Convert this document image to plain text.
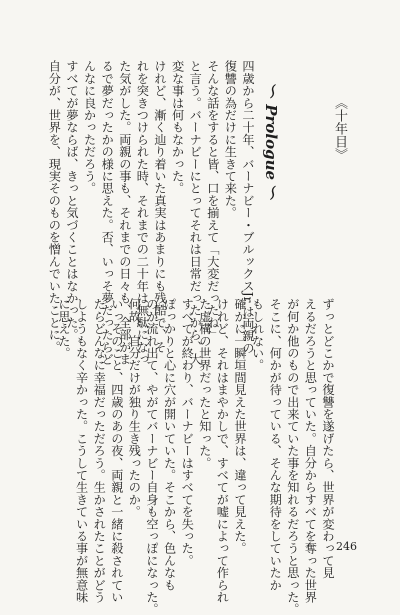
《十年目》
～ Prologue ～
四歳から二十年、バーナビー・ブルックスJr.は両親の
復讐の為だけに生きて来た。
そんな話をすると皆、口を揃えて「大変だったね」
と言う。バーナビーにとってそれは日常だったから、大
変な事は何もなかった。
けれど、漸く辿り着いた真実はあまりにも残酷で、そ
れを突きつけられた時、それまでの二十年は無駄になっ
た気がした。両親の事も、それまでの日々も、全部がま
るで夢だったかの様に思えた。否、いっそ夢だったらど
んなに良かっただろう。
すべてが夢ならば、きっと気づくことはなかった。
自分が、世界を、現実そのものを憎んでいたことに。
ずっとどこかで復讐を遂げたら、世界が変わって見
えるだろうと思っていた。自分からすべてを奪った世界
が何か他のもので出来ていた事を知れるだろうと思った。
そこに、何かが待っている、そんな期待をしていたか
もしれない。
確かに一瞬垣間見えた世界は、違って見えた。
けれど、それはまやかしで、すべてが嘘によって作られ
た虚構の世界だったと知った。
すべてが終わり、バーナビーはすべてを失った。
ぽっかりと心に穴が開いていた。そこから、色んなも
のが流れ出て、やがてバーナビー自身も空っぽになった。
何故、自分だけが独り生き残ったのか。
いっそのこと、四歳のあの夜、両親と一緒に殺されてい
たらどんなに幸福だっただろう。生かされたことがどう
しようもなく辛かった。こうして生きている事が無意味
に思えた。
246
